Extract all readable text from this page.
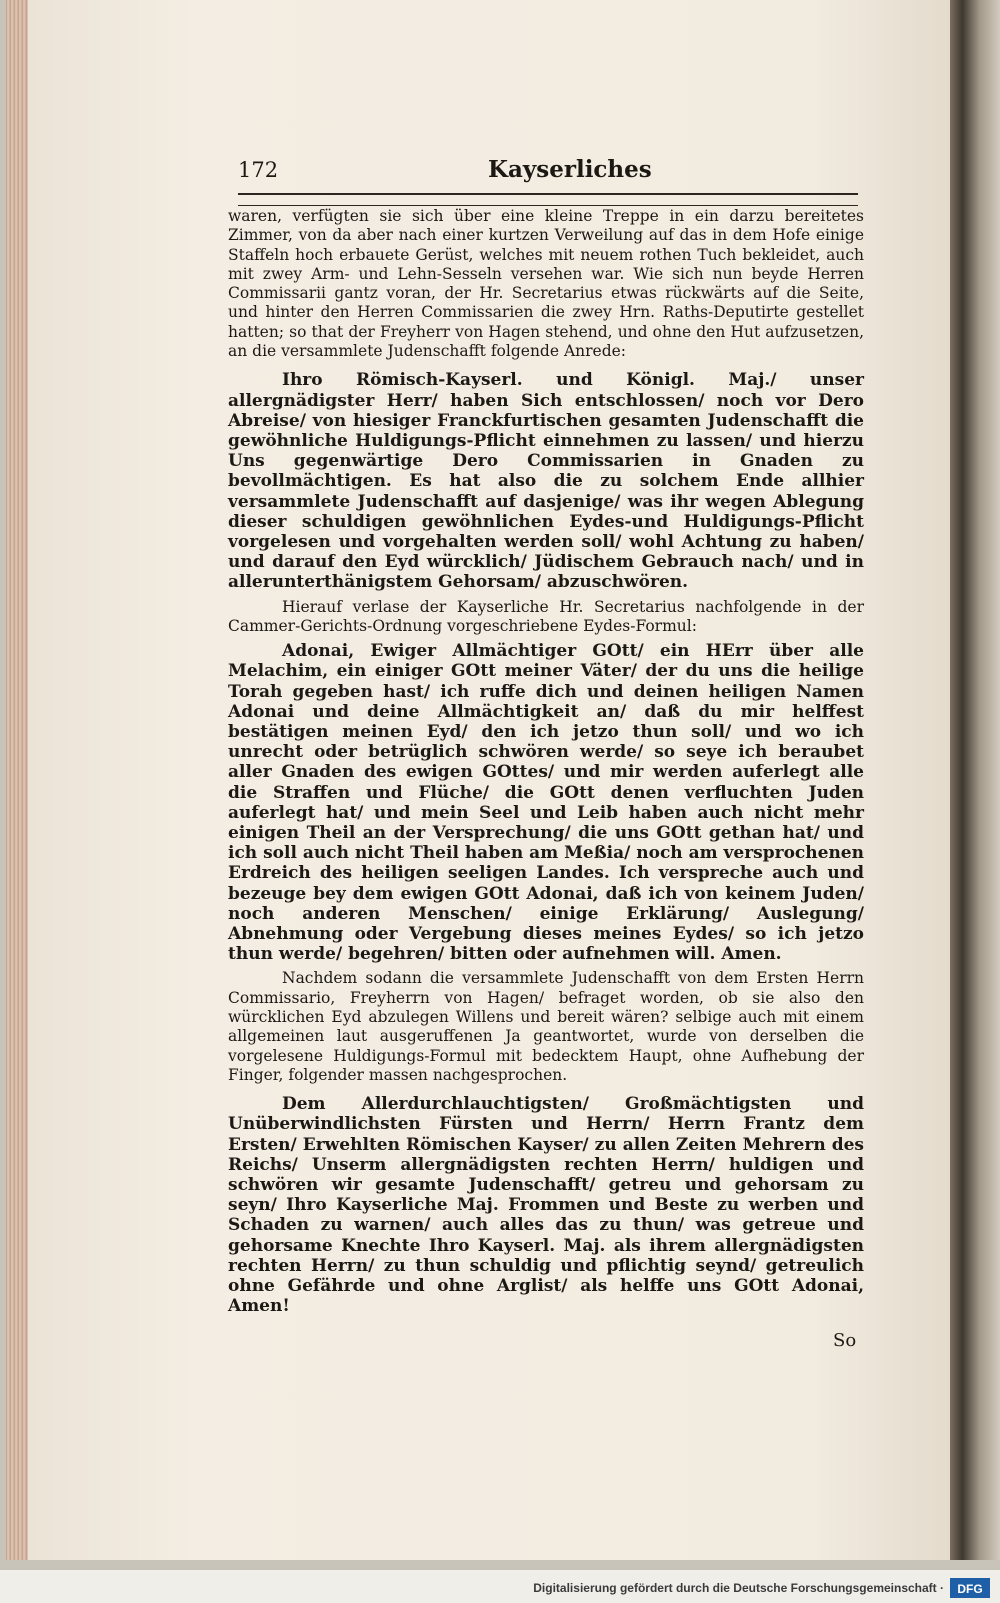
172	Kayserliches

waren, verfügten sie sich über eine kleine Treppe in ein darzu bereitetes Zimmer, von da aber nach einer kurtzen Verweilung auf das in dem Hofe einige Staffeln hoch erbauete Gerüst, welches mit neuem rothen Tuch bekleidet, auch mit zwey Arm- und Lehn-Sesseln versehen war. Wie sich nun beyde Herren Commissarii gantz voran, der Hr. Secretarius etwas rückwärts auf die Seite, und hinter den Herren Commissarien die zwey Hrn. Raths-Deputirte gestellet hatten; so that der Freyherr von Hagen stehend, und ohne den Hut aufzusetzen, an die versammlete Judenschafft folgende Anrede:

Ihro Römisch-Kayserl. und Königl. Maj./ unser allergnädigster Herr/ haben Sich entschlossen/ noch vor Dero Abreise/ von hiesiger Franckfurtischen gesamten Judenschafft die gewöhnliche Huldigungs-Pflicht einnehmen zu lassen/ und hierzu Uns gegenwärtige Dero Commissarien in Gnaden zu bevollmächtigen. Es hat also die zu solchem Ende allhier versammlete Judenschafft auf dasjenige/ was ihr wegen Ablegung dieser schuldigen gewöhnlichen Eydes-und Huldigungs-Pflicht vorgelesen und vorgehalten werden soll/ wohl Achtung zu haben/ und darauf den Eyd würcklich/ Jüdischem Gebrauch nach/ und in allerunterthänigstem Gehorsam/ abzuschwören.

Hierauf verlase der Kayserliche Hr. Secretarius nachfolgende in der Cammer-Gerichts-Ordnung vorgeschriebene Eydes-Formul:

Adonai, Ewiger Allmächtiger GOtt/ ein HErr über alle Melachim, ein einiger GOtt meiner Väter/ der du uns die heilige Torah gegeben hast/ ich ruffe dich und deinen heiligen Namen Adonai und deine Allmächtigkeit an/ daß du mir helffest bestätigen meinen Eyd/ den ich jetzo thun soll/ und wo ich unrecht oder betrüglich schwören werde/ so seye ich beraubet aller Gnaden des ewigen GOttes/ und mir werden auferlegt alle die Straffen und Flüche/ die GOtt denen verfluchten Juden auferlegt hat/ und mein Seel und Leib haben auch nicht mehr einigen Theil an der Versprechung/ die uns GOtt gethan hat/ und ich soll auch nicht Theil haben am Meßia/ noch am versprochenen Erdreich des heiligen seeligen Landes. Ich verspreche auch und bezeuge bey dem ewigen GOtt Adonai, daß ich von keinem Juden/ noch anderen Menschen/ einige Erklärung/ Auslegung/ Abnehmung oder Vergebung dieses meines Eydes/ so ich jetzo thun werde/ begehren/ bitten oder aufnehmen will. Amen.

Nachdem sodann die versammlete Judenschafft von dem Ersten Herrn Commissario, Freyherrn von Hagen/ befraget worden, ob sie also den würcklichen Eyd abzulegen Willens und bereit wären? selbige auch mit einem allgemeinen laut ausgeruffenen Ja geantwortet, wurde von derselben die vorgelesene Huldigungs-Formul mit bedecktem Haupt, ohne Aufhebung der Finger, folgender massen nachgesprochen.

Dem Allerdurchlauchtigsten/ Großmächtigsten und Unüberwindlichsten Fürsten und Herrn/ Herrn Frantz dem Ersten/ Erwehlten Römischen Kayser/ zu allen Zeiten Mehrern des Reichs/ Unserm allergnädigsten rechten Herrn/ huldigen und schwören wir gesamte Judenschafft/ getreu und gehorsam zu seyn/ Ihro Kayserliche Maj. Frommen und Beste zu werben und Schaden zu warnen/ auch alles das zu thun/ was getreue und gehorsame Knechte Ihro Kayserl. Maj. als ihrem allergnädigsten rechten Herrn/ zu thun schuldig und pflichtig seynd/ getreulich ohne Gefährde und ohne Arglist/ als helffe uns GOtt Adonai, Amen!

So
Digitalisierung gefördert durch die Deutsche Forschungsgemeinschaft · DFG
